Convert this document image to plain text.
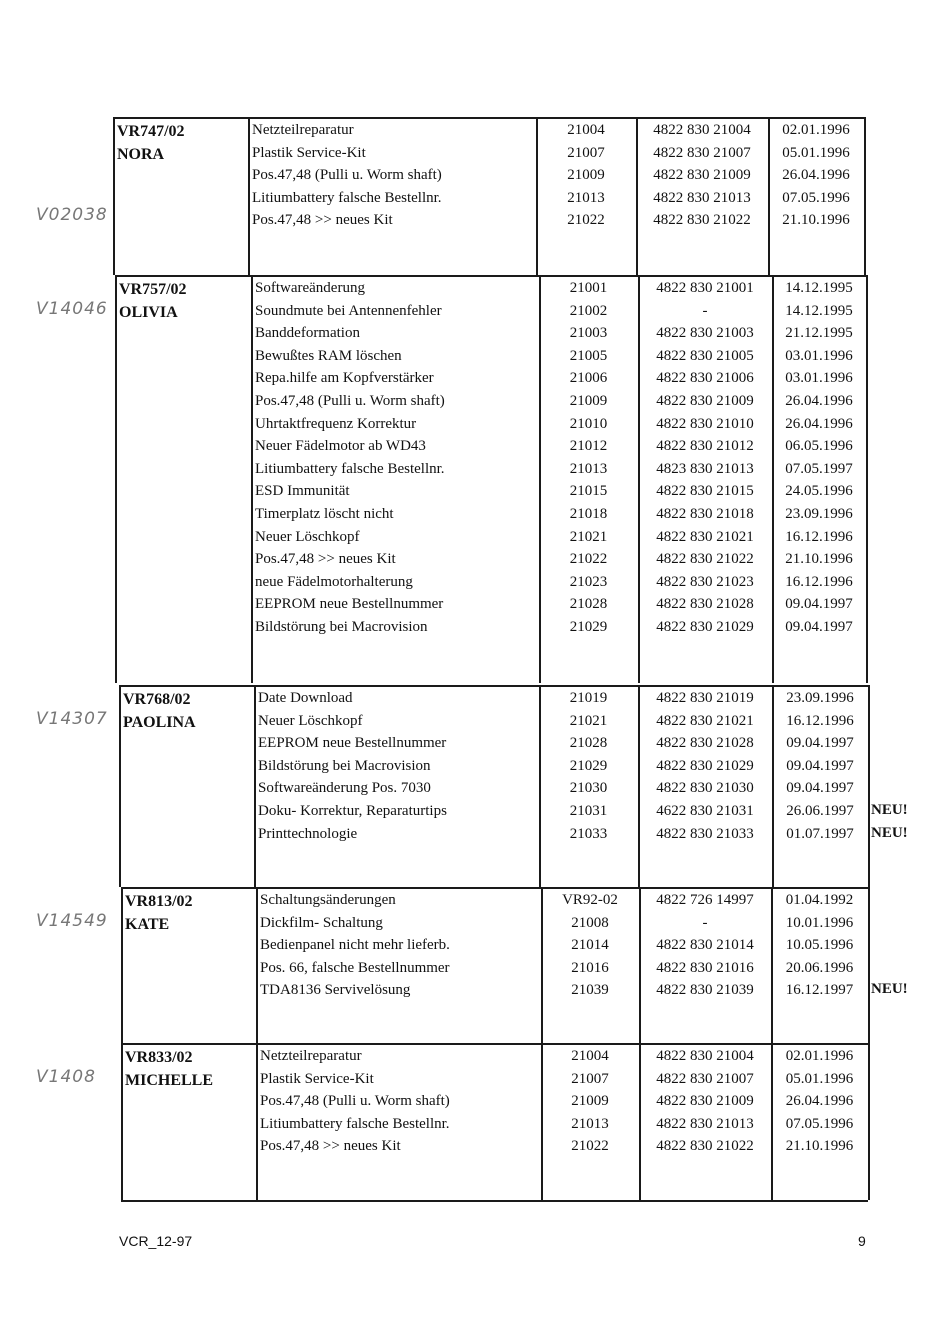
VR747/02
NORA
V02038
Netzteilreparatur	21004	4822 830 21004	02.01.1996
Plastik Service-Kit	21007	4822 830 21007	05.01.1996
Pos.47,48 (Pulli u. Worm shaft)	21009	4822 830 21009	26.04.1996
Litiumbattery falsche Bestellnr.	21013	4822 830 21013	07.05.1996
Pos.47,48 >> neues Kit	21022	4822 830 21022	21.10.1996
VR757/02
OLIVIA
V14046
Softwareänderung	21001	4822 830 21001	14.12.1995
Soundmute bei Antennenfehler	21002	-	14.12.1995
Banddeformation	21003	4822 830 21003	21.12.1995
Bewußtes RAM löschen	21005	4822 830 21005	03.01.1996
Repa.hilfe am Kopfverstärker	21006	4822 830 21006	03.01.1996
Pos.47,48 (Pulli u. Worm shaft)	21009	4822 830 21009	26.04.1996
Uhrtaktfrequenz Korrektur	21010	4822 830 21010	26.04.1996
Neuer Fädelmotor ab WD43	21012	4822 830 21012	06.05.1996
Litiumbattery falsche Bestellnr.	21013	4823 830 21013	07.05.1997
ESD Immunität	21015	4822 830 21015	24.05.1996
Timerplatz löscht nicht	21018	4822 830 21018	23.09.1996
Neuer Löschkopf	21021	4822 830 21021	16.12.1996
Pos.47,48 >> neues Kit	21022	4822 830 21022	21.10.1996
neue Fädelmotorhalterung	21023	4822 830 21023	16.12.1996
EEPROM neue Bestellnummer	21028	4822 830 21028	09.04.1997
Bildstörung bei Macrovision	21029	4822 830 21029	09.04.1997
VR768/02
PAOLINA
V14307
Date Download	21019	4822 830 21019	23.09.1996
Neuer Löschkopf	21021	4822 830 21021	16.12.1996
EEPROM neue Bestellnummer	21028	4822 830 21028	09.04.1997
Bildstörung bei Macrovision	21029	4822 830 21029	09.04.1997
Softwareänderung Pos. 7030	21030	4822 830 21030	09.04.1997
Doku- Korrektur, Reparaturtips	21031	4622 830 21031	26.06.1997	NEU!
Printtechnologie	21033	4822 830 21033	01.07.1997	NEU!
VR813/02
KATE
V14549
Schaltungsänderungen	VR92-02	4822 726 14997	01.04.1992
Dickfilm- Schaltung	21008	-	10.01.1996
Bedienpanel nicht mehr lieferb.	21014	4822 830 21014	10.05.1996
Pos. 66, falsche Bestellnummer	21016	4822 830 21016	20.06.1996
TDA8136 Servivelösung	21039	4822 830 21039	16.12.1997	NEU!
VR833/02
MICHELLE
V1408
Netzteilreparatur	21004	4822 830 21004	02.01.1996
Plastik Service-Kit	21007	4822 830 21007	05.01.1996
Pos.47,48 (Pulli u. Worm shaft)	21009	4822 830 21009	26.04.1996
Litiumbattery falsche Bestellnr.	21013	4822 830 21013	07.05.1996
Pos.47,48 >> neues Kit	21022	4822 830 21022	21.10.1996
VCR_12-97	9
